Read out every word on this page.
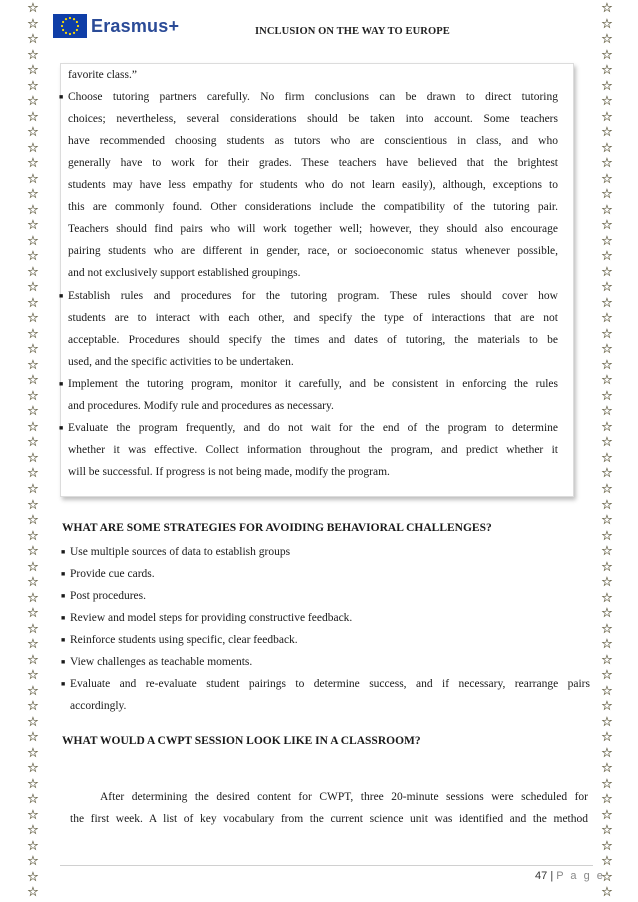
☆
☆
☆
☆
☆
☆
☆
☆
☆
☆
☆
☆
☆
☆
☆
☆
☆
☆
☆
☆
☆
☆
☆
☆
☆
☆
☆
☆
☆
☆
☆
☆
☆
☆
☆
☆
☆
☆
☆
☆
☆
☆
☆
☆
☆
☆
☆
☆
☆
☆
☆
☆
☆
☆
☆
☆
☆
☆
☆
☆
☆
☆
☆
☆
☆
☆
☆
☆
☆
☆
☆
☆
☆
☆
☆
☆
☆
☆
☆
☆
☆
☆
☆
☆
☆
☆
☆
☆
☆
☆
☆
☆
☆
☆
☆
☆
☆
☆
☆
☆
☆
☆
☆
☆
☆
☆
☆
☆
☆
☆
☆
☆
☆
☆
☆
☆
Erasmus+	INCLUSION ON THE WAY TO EUROPE
favorite class.”
■ Choose tutoring partners carefully. No firm conclusions can be drawn to direct tutoring
choices; nevertheless, several considerations should be taken into account. Some teachers
have recommended choosing students as tutors who are conscientious in class, and who
generally have to work for their grades. These teachers have believed that the brightest
students may have less empathy for students who do not learn easily), although, exceptions to
this are commonly found. Other considerations include the compatibility of the tutoring pair.
Teachers should find pairs who will work together well; however, they should also encourage
pairing students who are different in gender, race, or socioeconomic status whenever possible,
and not exclusively support established groupings.
■ Establish rules and procedures for the tutoring program. These rules should cover how
students are to interact with each other, and specify the type of interactions that are not
acceptable. Procedures should specify the times and dates of tutoring, the materials to be
used, and the specific activities to be undertaken.
■ Implement the tutoring program, monitor it carefully, and be consistent in enforcing the rules
and procedures. Modify rule and procedures as necessary.
■ Evaluate the program frequently, and do not wait for the end of the program to determine
whether it was effective. Collect information throughout the program, and predict whether it
will be successful. If progress is not being made, modify the program.
WHAT ARE SOME STRATEGIES FOR AVOIDING BEHAVIORAL CHALLENGES?
■ Use multiple sources of data to establish groups
■ Provide cue cards.
■ Post procedures.
■ Review and model steps for providing constructive feedback.
■ Reinforce students using specific, clear feedback.
■ View challenges as teachable moments.
■ Evaluate and re-evaluate student pairings to determine success, and if necessary, rearrange pairs
accordingly.
WHAT WOULD A CWPT SESSION LOOK LIKE IN A CLASSROOM?
After determining the desired content for CWPT, three 20-minute sessions were scheduled for
the first week. A list of key vocabulary from the current science unit was identified and the method
47 | P a g e
